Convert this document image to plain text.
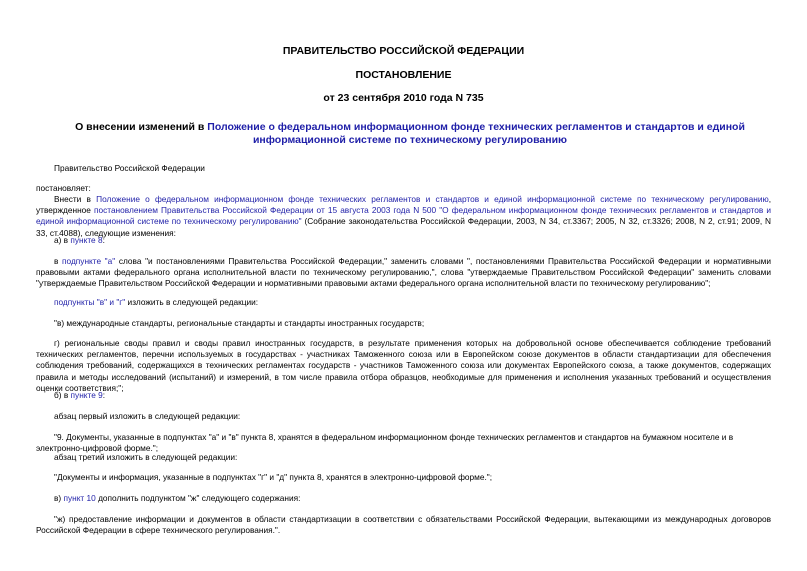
ПРАВИТЕЛЬСТВО РОССИЙСКОЙ ФЕДЕРАЦИИ
ПОСТАНОВЛЕНИЕ
от 23 сентября 2010 года N 735
О внесении изменений в Положение о федеральном информационном фонде технических регламентов и стандартов и единой информационной системе по техническому регулированию

Правительство Российской Федерации

постановляет:

Внести в Положение о федеральном информационном фонде технических регламентов и стандартов и единой информационной системе по техническому регулированию, утвержденное постановлением Правительства Российской Федерации от 15 августа 2003 года N 500 "О федеральном информационном фонде технических регламентов и стандартов и единой информационной системе по техническому регулированию" (Собрание законодательства Российской Федерации, 2003, N 34, ст.3367; 2005, N 32, ст.3326; 2008, N 2, ст.91; 2009, N 33, ст.4088), следующие изменения:

а) в пункте 8:

в подпункте "а" слова "и постановлениями Правительства Российской Федерации," заменить словами ", постановлениями Правительства Российской Федерации и нормативными правовыми актами федерального органа исполнительной власти по техническому регулированию,", слова "утверждаемые Правительством Российской Федерации" заменить словами "утверждаемые Правительством Российской Федерации и нормативными правовыми актами федерального органа исполнительной власти по техническому регулированию";

подпункты "в" и "г" изложить в следующей редакции:

"в) международные стандарты, региональные стандарты и стандарты иностранных государств;

г) региональные своды правил и своды правил иностранных государств, в результате применения которых на добровольной основе обеспечивается соблюдение требований технических регламентов, перечни используемых в государствах - участниках Таможенного союза или в Европейском союзе документов в области стандартизации для обеспечения соблюдения требований, содержащихся в технических регламентах государств - участников Таможенного союза или документах Европейского союза, а также документов, содержащих правила и методы исследований (испытаний) и измерений, в том числе правила отбора образцов, необходимые для применения и исполнения указанных требований и осуществления оценки соответствия;";

б) в пункте 9:

абзац первый изложить в следующей редакции:

"9. Документы, указанные в подпунктах "а" и "в" пункта 8, хранятся в федеральном информационном фонде технических регламентов и стандартов на бумажном носителе и в электронно-цифровой форме.";

абзац третий изложить в следующей редакции:

"Документы и информация, указанные в подпунктах "г" и "д" пункта 8, хранятся в электронно-цифровой форме.";

в) пункт 10 дополнить подпунктом "ж" следующего содержания:

"ж) предоставление информации и документов в области стандартизации в соответствии с обязательствами Российской Федерации, вытекающими из международных договоров Российской Федерации в сфере технического регулирования.".
